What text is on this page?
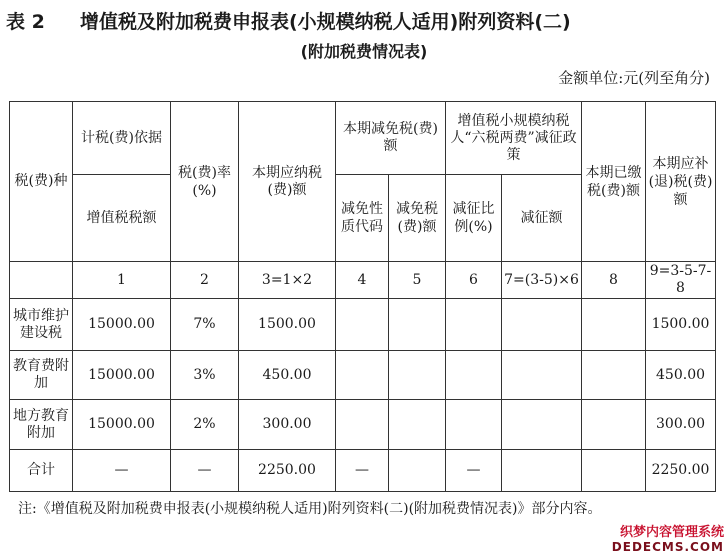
表 2 增值税及附加税费申报表(小规模纳税人适用)附列资料(二)
(附加税费情况表)
金额单位:元(列至角分)
税(费)种	计税(费)依据	税(费)率(%)	本期应纳税(费)额	本期减免税(费)额		增值税小规模纳税人“六税两费”减征政策		本期已缴税(费)额	本期应补(退)税(费)额
	增值税税额			减免性质代码	减免税(费)额	减征比例(%)	减征额		
	1	2	3=1×2	4	5	6	7=(3-5)×6	8	9=3-5-7-8
城市维护建设税	15000.00	7%	1500.00						1500.00
教育费附加	15000.00	3%	450.00						450.00
地方教育附加	15000.00	2%	300.00						300.00
合计	—	—	2250.00	—		—			2250.00
注:《增值税及附加税费申报表(小规模纳税人适用)附列资料(二)(附加税费情况表)》部分内容。
织梦内容管理系统
DEDECMS.COM
